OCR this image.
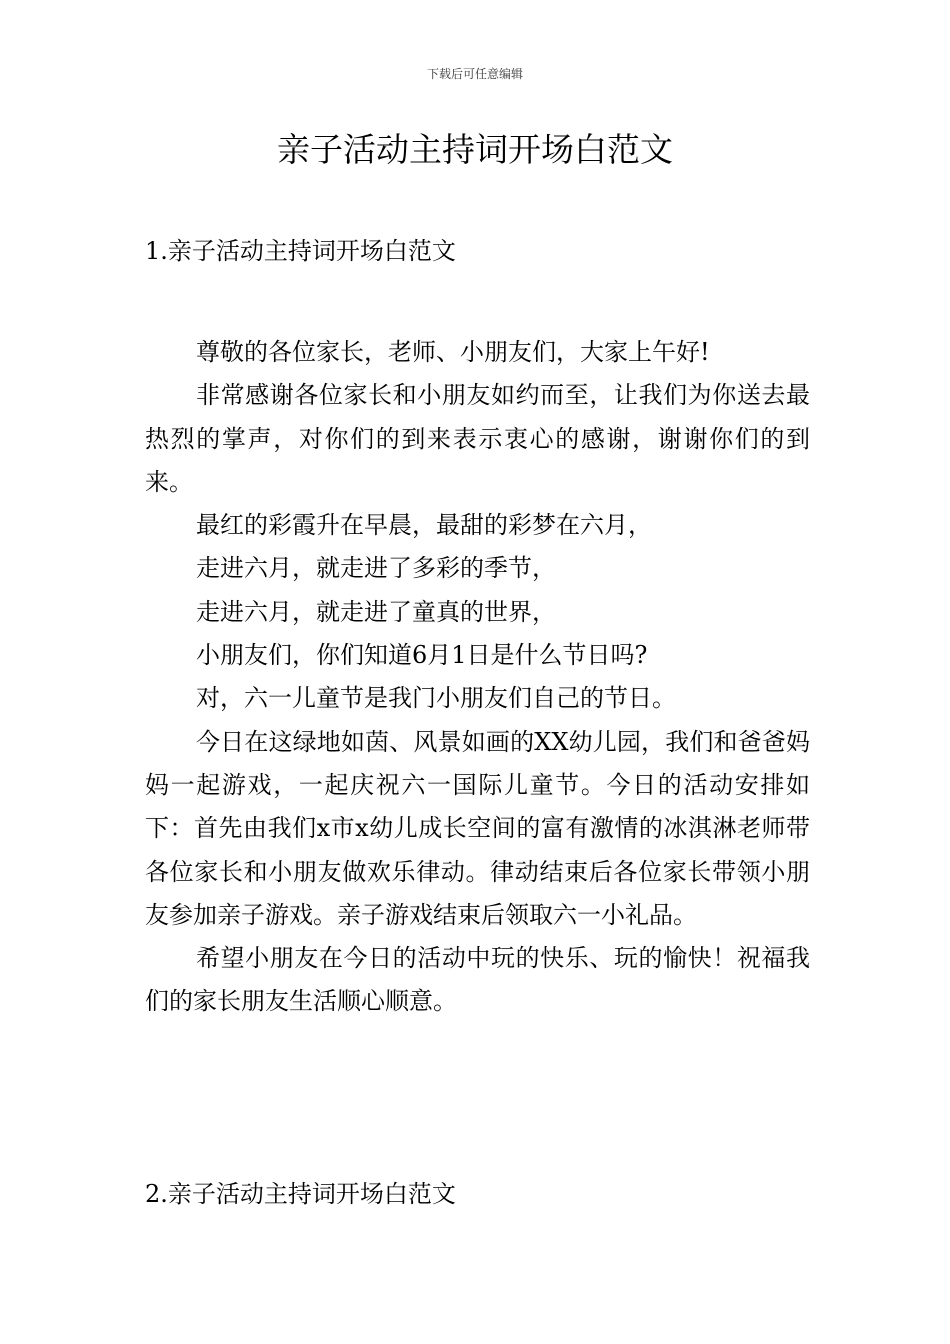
下载后可任意编辑
亲子活动主持词开场白范文
1.亲子活动主持词开场白范文

尊敬的各位家长，老师、小朋友们，大家上午好!

非常感谢各位家长和小朋友如约而至，让我们为你送去最热烈的掌声，对你们的到来表示衷心的感谢，谢谢你们的到来。

最红的彩霞升在早晨，最甜的彩梦在六月，

走进六月，就走进了多彩的季节，

走进六月，就走进了童真的世界，

小朋友们，你们知道6月1日是什么节日吗?

对，六一儿童节是我门小朋友们自己的节日。

今日在这绿地如茵、风景如画的XX幼儿园，我们和爸爸妈妈一起游戏，一起庆祝六一国际儿童节。今日的活动安排如下：首先由我们x市x幼儿成长空间的富有激情的冰淇淋老师带各位家长和小朋友做欢乐律动。律动结束后各位家长带领小朋友参加亲子游戏。亲子游戏结束后领取六一小礼品。

希望小朋友在今日的活动中玩的快乐、玩的愉快！祝福我们的家长朋友生活顺心顺意。

2.亲子活动主持词开场白范文
